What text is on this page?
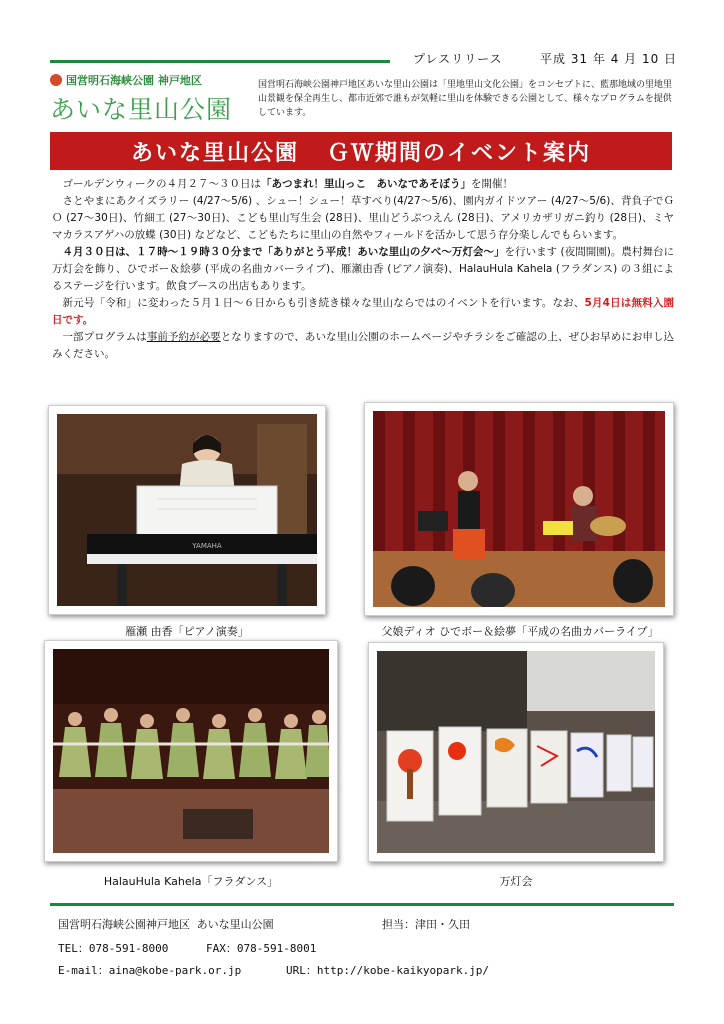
プレスリリース	平成 31 年 4 月 10 日
国営明石海峡公園 神戸地区
あいな里山公園
国営明石海峡公園神戸地区あいな里山公園は「里地里山文化公園」をコンセプトに、藍那地域の里地里山景観を保全再生し、都市近郊で誰もが気軽に里山を体験できる公園として、様々なプログラムを提供しています。
あいな里山公園 ＧＷ期間のイベント案内

ゴールデンウィークの４月２７～３０日は「あつまれ！里山っこ　あいなであそぼう」を開催！

さとやまにあクイズラリー (4/27～5/6) 、シュー！シュー！草すべり(4/27～5/6)、園内ガイドツアー (4/27～5/6)、背負子でＧＯ (27～30日)、竹細工 (27～30日)、こども里山写生会 (28日)、里山どうぶつえん (28日)、アメリカザリガニ釣り (28日)、ミヤマカラスアゲハの放蝶 (30日) などなど、こどもたちに里山の自然やフィールドを活かして思う存分楽しんでもらいます。

４月３０日は、１７時～１９時３０分まで「ありがとう平成！あいな里山の夕べ～万灯会～」を行います (夜間開園)。農村舞台に万灯会を飾り、ひでボー＆絵夢 (平成の名曲カバーライブ)、雁瀬由香 (ピアノ演奏)、HalauHula Kahela (フラダンス) の３組によるステージを行います。飲食ブースの出店もあります。

新元号「令和」に変わった５月１日～６日からも引き続き様々な里山ならではのイベントを行います。なお、5月4日は無料入園日です。

一部プログラムは事前予約が必要となりますので、あいな里山公園のホームページやチラシをご確認の上、ぜひお早めにお申し込みください。

YAMAHA
雁瀬 由香「ピアノ演奏」	父娘ディオ ひでボー＆絵夢「平成の名曲カバーライブ」
HalauHula Kahela「フラダンス」	万灯会
国営明石海峡公園神戸地区 あいな里山公園	担当：津田・久田
TEL：078-591-8000	FAX：078-591-8001
E-mail：aina@kobe-park.or.jp	URL：http://kobe-kaikyopark.jp/
